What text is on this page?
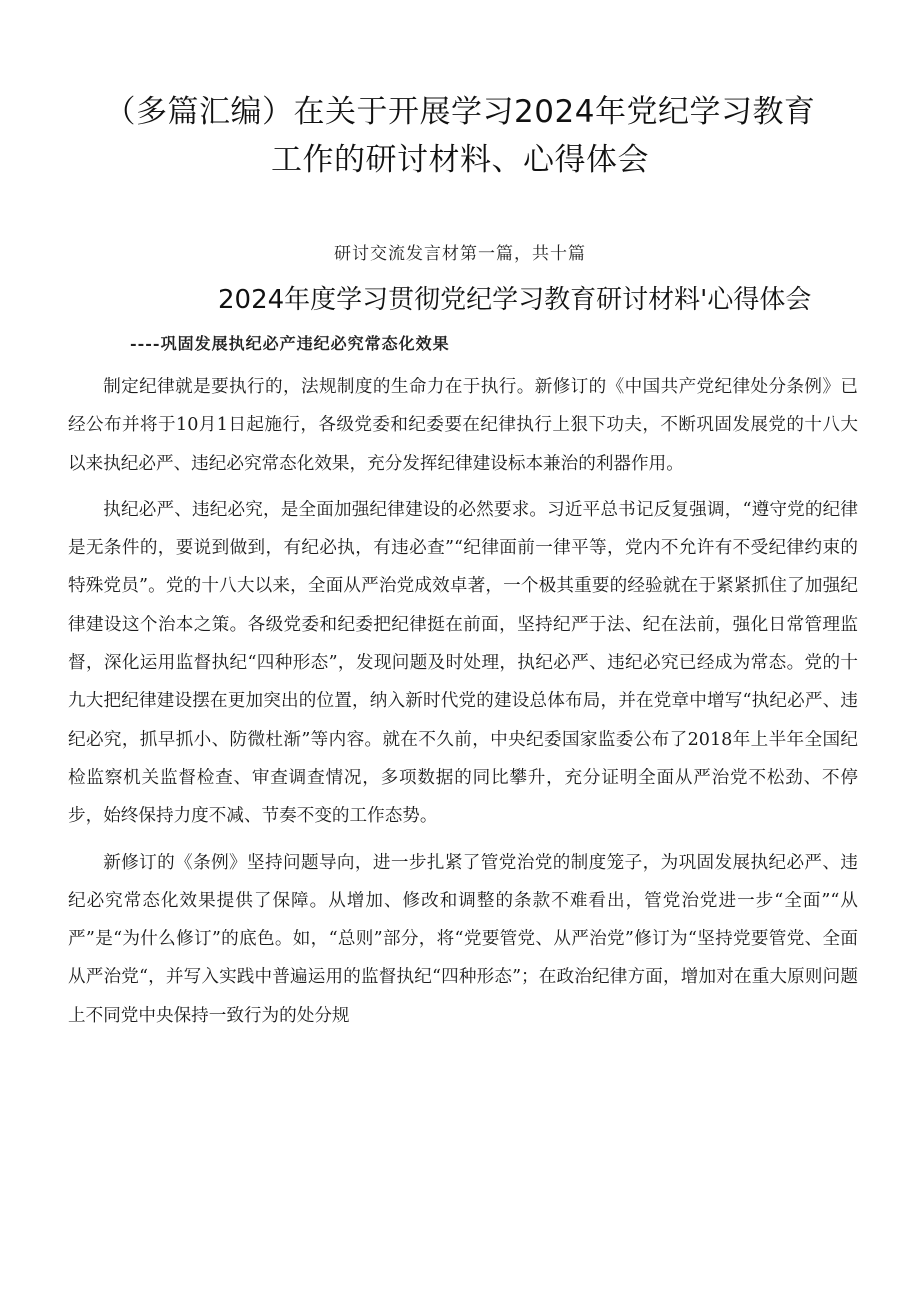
（多篇汇编）在关于开展学习2024年党纪学习教育工作的研讨材料、心得体会
研讨交流发言材第一篇，共十篇
2024年度学习贯彻党纪学习教育研讨材料'心得体会
----巩固发展执纪必产违纪必究常态化效果

制定纪律就是要执行的，法规制度的生命力在于执行。新修订的《中国共产党纪律处分条例》已经公布并将于10月1日起施行，各级党委和纪委要在纪律执行上狠下功夫，不断巩固发展党的十八大以来执纪必严、违纪必究常态化效果，充分发挥纪律建设标本兼治的利器作用。

执纪必严、违纪必究，是全面加强纪律建设的必然要求。习近平总书记反复强调，“遵守党的纪律是无条件的，要说到做到，有纪必执，有违必查”“纪律面前一律平等，党内不允许有不受纪律约束的特殊党员”。党的十八大以来，全面从严治党成效卓著，一个极其重要的经验就在于紧紧抓住了加强纪律建设这个治本之策。各级党委和纪委把纪律挺在前面，坚持纪严于法、纪在法前，强化日常管理监督，深化运用监督执纪“四种形态”，发现问题及时处理，执纪必严、违纪必究已经成为常态。党的十九大把纪律建设摆在更加突出的位置，纳入新时代党的建设总体布局，并在党章中增写“执纪必严、违纪必究，抓早抓小、防微杜渐”等内容。就在不久前，中央纪委国家监委公布了2018年上半年全国纪检监察机关监督检查、审查调查情况，多项数据的同比攀升，充分证明全面从严治党不松劲、不停步，始终保持力度不减、节奏不变的工作态势。

新修订的《条例》坚持问题导向，进一步扎紧了管党治党的制度笼子，为巩固发展执纪必严、违纪必究常态化效果提供了保障。从增加、修改和调整的条款不难看出，管党治党进一步“全面”“从严”是“为什么修订”的底色。如，“总则”部分，将“党要管党、从严治党”修订为“坚持党要管党、全面从严治党“，并写入实践中普遍运用的监督执纪“四种形态”；在政治纪律方面，增加对在重大原则问题上不同党中央保持一致行为的处分规
